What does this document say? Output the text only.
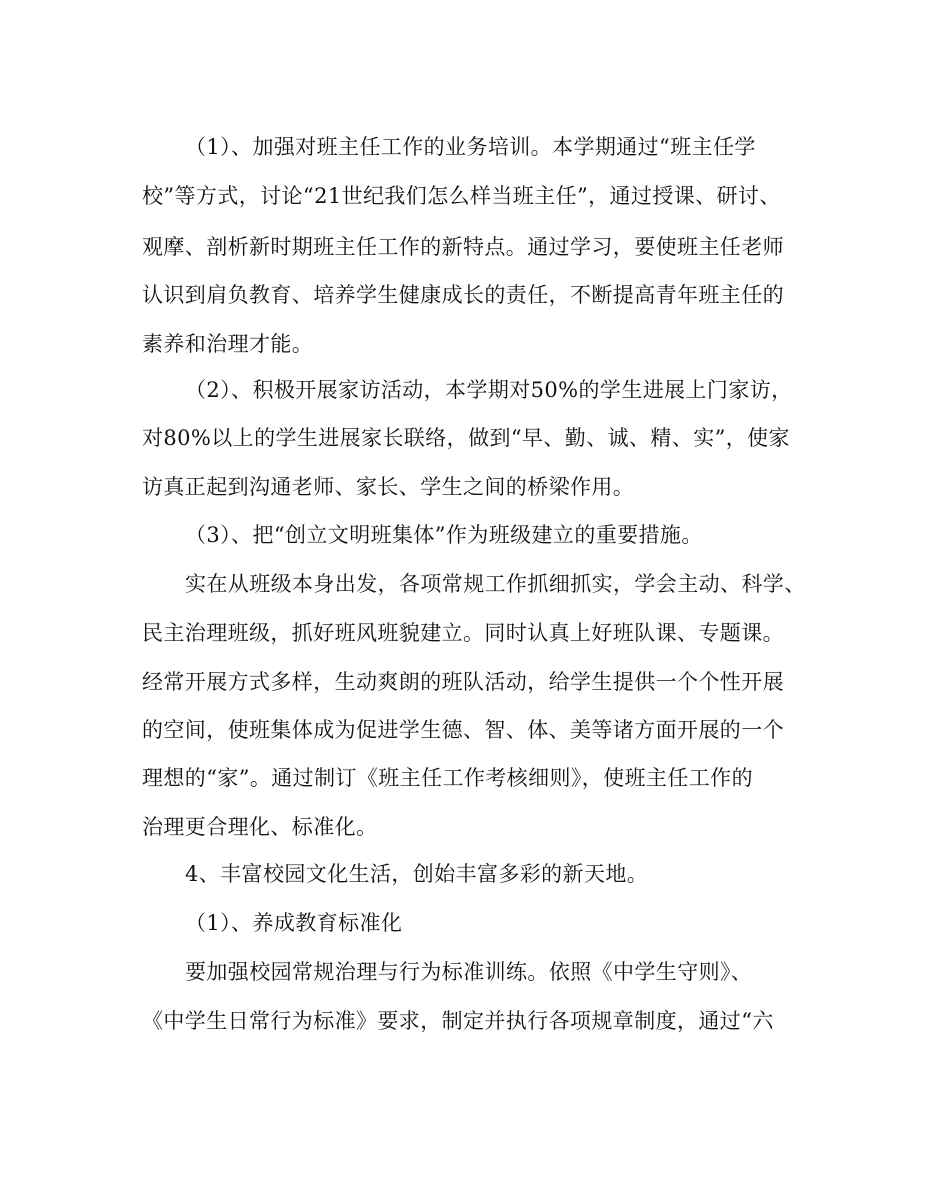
（1）、加强对班主任工作的业务培训。本学期通过“班主任学
校”等方式，讨论“21世纪我们怎么样当班主任”，通过授课、研讨、
观摩、剖析新时期班主任工作的新特点。通过学习，要使班主任老师
认识到肩负教育、培养学生健康成长的责任，不断提高青年班主任的
素养和治理才能。
（2）、积极开展家访活动，本学期对50%的学生进展上门家访，
对80%以上的学生进展家长联络，做到“早、勤、诚、精、实”，使家
访真正起到沟通老师、家长、学生之间的桥梁作用。
（3）、把“创立文明班集体”作为班级建立的重要措施。
实在从班级本身出发，各项常规工作抓细抓实，学会主动、科学、
民主治理班级，抓好班风班貌建立。同时认真上好班队课、专题课。
经常开展方式多样，生动爽朗的班队活动，给学生提供一个个性开展
的空间，使班集体成为促进学生德、智、体、美等诸方面开展的一个
理想的“家”。通过制订《班主任工作考核细则》，使班主任工作的
治理更合理化、标准化。
4、丰富校园文化生活，创始丰富多彩的新天地。
（1）、养成教育标准化
要加强校园常规治理与行为标准训练。依照《中学生守则》、
《中学生日常行为标准》要求，制定并执行各项规章制度，通过“六
